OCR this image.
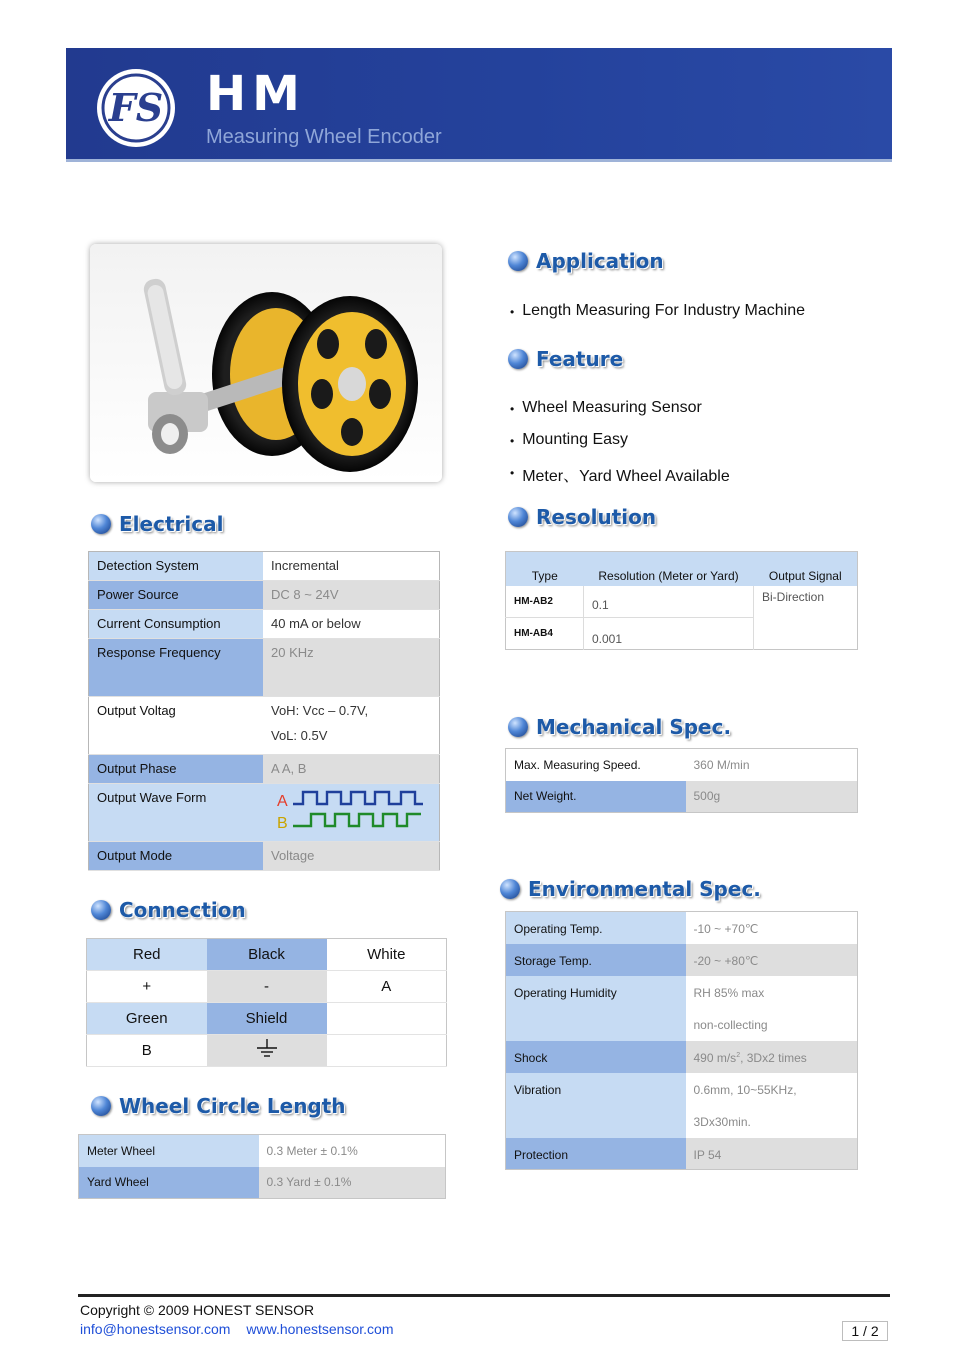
FS HM
Measuring Wheel Encoder
Application
• Length Measuring For Industry Machine
Feature
• Wheel Measuring Sensor
• Mounting Easy
• Meter、Yard Wheel Available
Electrical
Detection System	Incremental
Power Source	DC 8 ~ 24V
Current Consumption	40 mA or below
Response Frequency	20 KHz
Output Voltag	VoH: Vcc – 0.7V,
VoL: 0.5V

Output Phase	A A, B
Output Wave Form	A
B

Output Mode	Voltage
Resolution
Type	Resolution (Meter or Yard)	Output Signal
HM-AB2	0.1	Bi-Direction
HM-AB4	0.001	
Mechanical Spec.
Max. Measuring Speed.	360 M/min
Net Weight.	500g
Connection
Red	Black	White
+	-	A
Green	Shield	
B		
Environmental Spec.
Operating Temp.	-10 ~ +70℃
Storage Temp.	-20 ~ +80℃
Operating Humidity	RH 85% max
non-collecting

Shock	490 $m/s^2$, 3Dx2 times
Vibration	0.6mm, 10~55KHz,
3Dx30min.

Protection	IP 54
Wheel Circle Length
Meter Wheel	0.3 Meter ± 0.1%
Yard Wheel	0.3 Yard ± 0.1%
Copyright © 2009 HONEST SENSOR
info@honestsensor.com www.honestsensor.com	1 / 2
